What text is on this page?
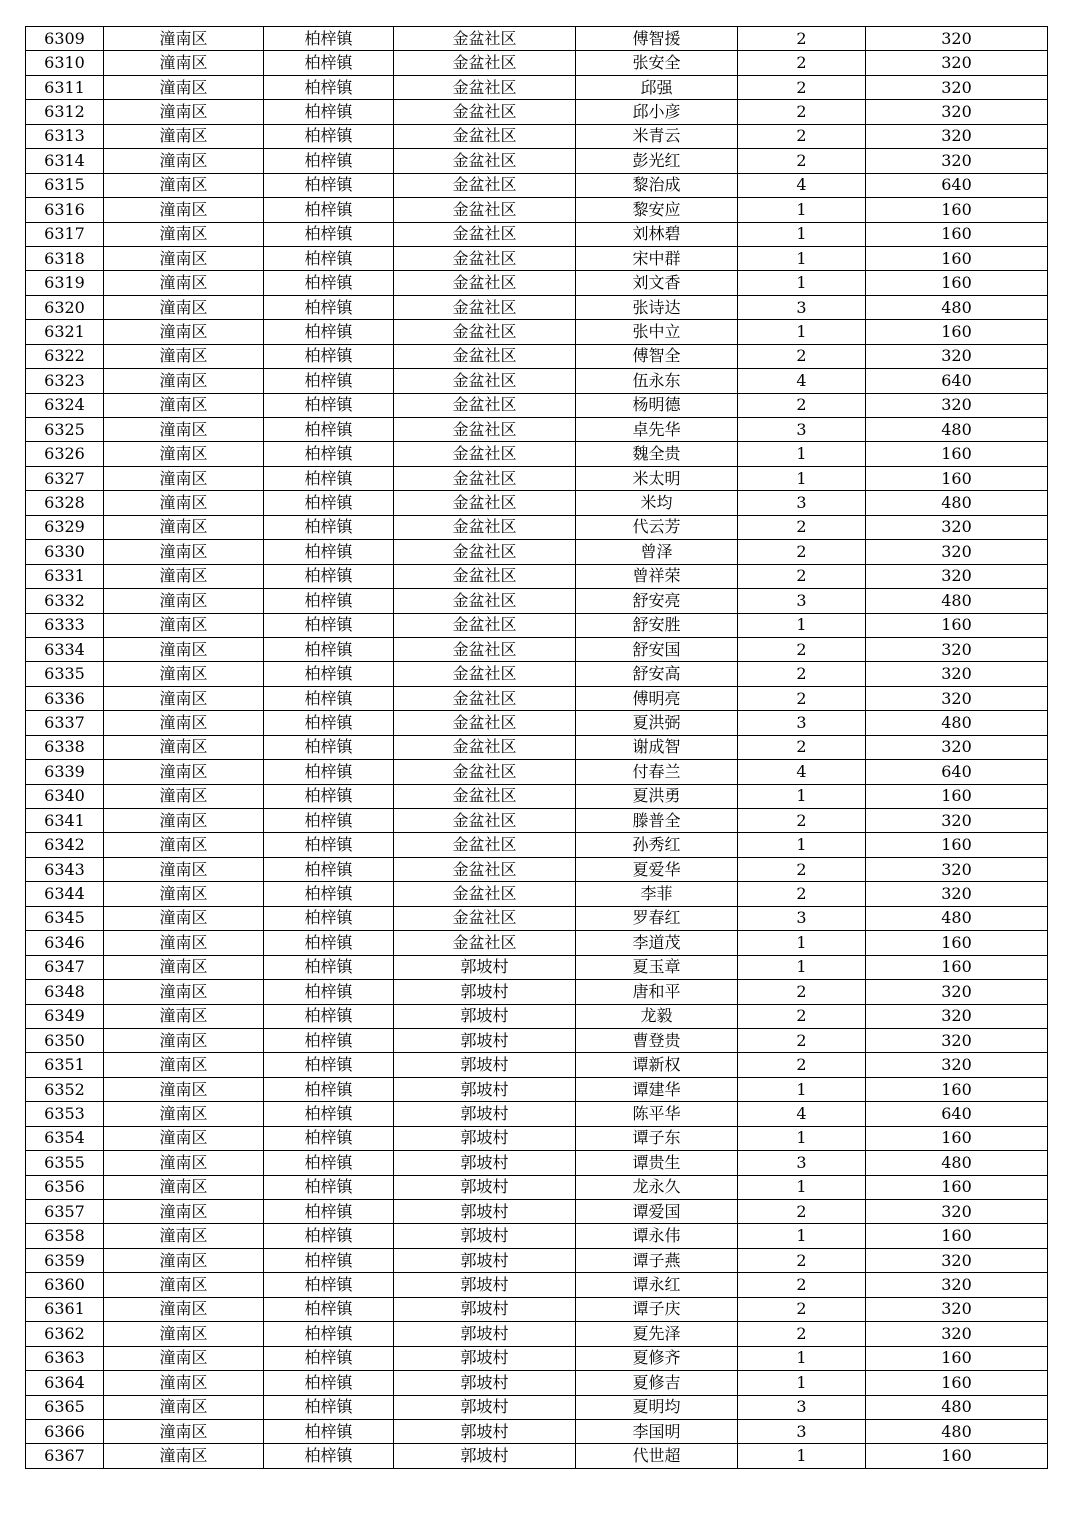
6309	潼南区	柏梓镇	金盆社区	傅智援	2	320
6310	潼南区	柏梓镇	金盆社区	张安全	2	320
6311	潼南区	柏梓镇	金盆社区	邱强	2	320
6312	潼南区	柏梓镇	金盆社区	邱小彦	2	320
6313	潼南区	柏梓镇	金盆社区	米青云	2	320
6314	潼南区	柏梓镇	金盆社区	彭光红	2	320
6315	潼南区	柏梓镇	金盆社区	黎治成	4	640
6316	潼南区	柏梓镇	金盆社区	黎安应	1	160
6317	潼南区	柏梓镇	金盆社区	刘林碧	1	160
6318	潼南区	柏梓镇	金盆社区	宋中群	1	160
6319	潼南区	柏梓镇	金盆社区	刘文香	1	160
6320	潼南区	柏梓镇	金盆社区	张诗达	3	480
6321	潼南区	柏梓镇	金盆社区	张中立	1	160
6322	潼南区	柏梓镇	金盆社区	傅智全	2	320
6323	潼南区	柏梓镇	金盆社区	伍永东	4	640
6324	潼南区	柏梓镇	金盆社区	杨明德	2	320
6325	潼南区	柏梓镇	金盆社区	卓先华	3	480
6326	潼南区	柏梓镇	金盆社区	魏全贵	1	160
6327	潼南区	柏梓镇	金盆社区	米太明	1	160
6328	潼南区	柏梓镇	金盆社区	米均	3	480
6329	潼南区	柏梓镇	金盆社区	代云芳	2	320
6330	潼南区	柏梓镇	金盆社区	曾泽	2	320
6331	潼南区	柏梓镇	金盆社区	曾祥荣	2	320
6332	潼南区	柏梓镇	金盆社区	舒安亮	3	480
6333	潼南区	柏梓镇	金盆社区	舒安胜	1	160
6334	潼南区	柏梓镇	金盆社区	舒安国	2	320
6335	潼南区	柏梓镇	金盆社区	舒安高	2	320
6336	潼南区	柏梓镇	金盆社区	傅明亮	2	320
6337	潼南区	柏梓镇	金盆社区	夏洪弼	3	480
6338	潼南区	柏梓镇	金盆社区	谢成智	2	320
6339	潼南区	柏梓镇	金盆社区	付春兰	4	640
6340	潼南区	柏梓镇	金盆社区	夏洪勇	1	160
6341	潼南区	柏梓镇	金盆社区	滕普全	2	320
6342	潼南区	柏梓镇	金盆社区	孙秀红	1	160
6343	潼南区	柏梓镇	金盆社区	夏爱华	2	320
6344	潼南区	柏梓镇	金盆社区	李菲	2	320
6345	潼南区	柏梓镇	金盆社区	罗春红	3	480
6346	潼南区	柏梓镇	金盆社区	李道茂	1	160
6347	潼南区	柏梓镇	郭坡村	夏玉章	1	160
6348	潼南区	柏梓镇	郭坡村	唐和平	2	320
6349	潼南区	柏梓镇	郭坡村	龙毅	2	320
6350	潼南区	柏梓镇	郭坡村	曹登贵	2	320
6351	潼南区	柏梓镇	郭坡村	谭新权	2	320
6352	潼南区	柏梓镇	郭坡村	谭建华	1	160
6353	潼南区	柏梓镇	郭坡村	陈平华	4	640
6354	潼南区	柏梓镇	郭坡村	谭子东	1	160
6355	潼南区	柏梓镇	郭坡村	谭贵生	3	480
6356	潼南区	柏梓镇	郭坡村	龙永久	1	160
6357	潼南区	柏梓镇	郭坡村	谭爱国	2	320
6358	潼南区	柏梓镇	郭坡村	谭永伟	1	160
6359	潼南区	柏梓镇	郭坡村	谭子燕	2	320
6360	潼南区	柏梓镇	郭坡村	谭永红	2	320
6361	潼南区	柏梓镇	郭坡村	谭子庆	2	320
6362	潼南区	柏梓镇	郭坡村	夏先泽	2	320
6363	潼南区	柏梓镇	郭坡村	夏修齐	1	160
6364	潼南区	柏梓镇	郭坡村	夏修吉	1	160
6365	潼南区	柏梓镇	郭坡村	夏明均	3	480
6366	潼南区	柏梓镇	郭坡村	李国明	3	480
6367	潼南区	柏梓镇	郭坡村	代世超	1	160
